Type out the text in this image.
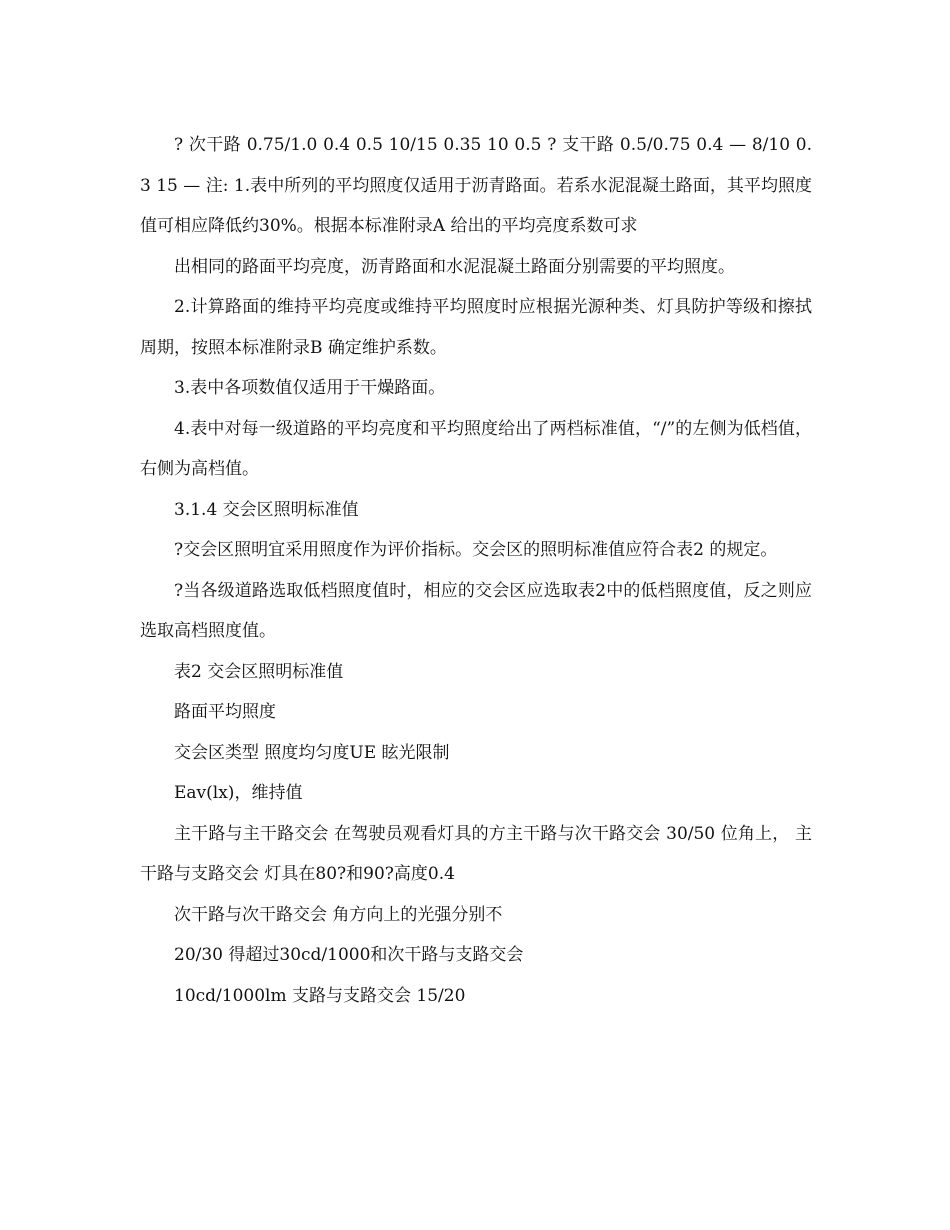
? 次干路 0.75/1.0 0.4 0.5 10/15 0.35 10 0.5 ? 支干路 0.5/0.75 0.4 — 8/10 0.3 15 — 注: 1.表中所列的平均照度仅适用于沥青路面。若系水泥混凝土路面，其平均照度值可相应降低约30%。根据本标准附录A 给出的平均亮度系数可求

出相同的路面平均亮度，沥青路面和水泥混凝土路面分别需要的平均照度。

2.计算路面的维持平均亮度或维持平均照度时应根据光源种类、灯具防护等级和擦拭周期，按照本标准附录B 确定维护系数。

3.表中各项数值仅适用于干燥路面。

4.表中对每一级道路的平均亮度和平均照度给出了两档标准值，“/”的左侧为低档值，右侧为高档值。

3.1.4 交会区照明标准值

?交会区照明宜采用照度作为评价指标。交会区的照明标准值应符合表2 的规定。

?当各级道路选取低档照度值时，相应的交会区应选取表2中的低档照度值，反之则应选取高档照度值。

表2 交会区照明标准值

路面平均照度

交会区类型 照度均匀度UE 眩光限制

Eav(lx)，维持值

主干路与主干路交会 在驾驶员观看灯具的方主干路与次干路交会 30/50 位角上， 主干路与支路交会 灯具在80?和90?高度0.4

次干路与次干路交会 角方向上的光强分别不

20/30 得超过30cd/1000和次干路与支路交会

10cd/1000lm 支路与支路交会 15/20
